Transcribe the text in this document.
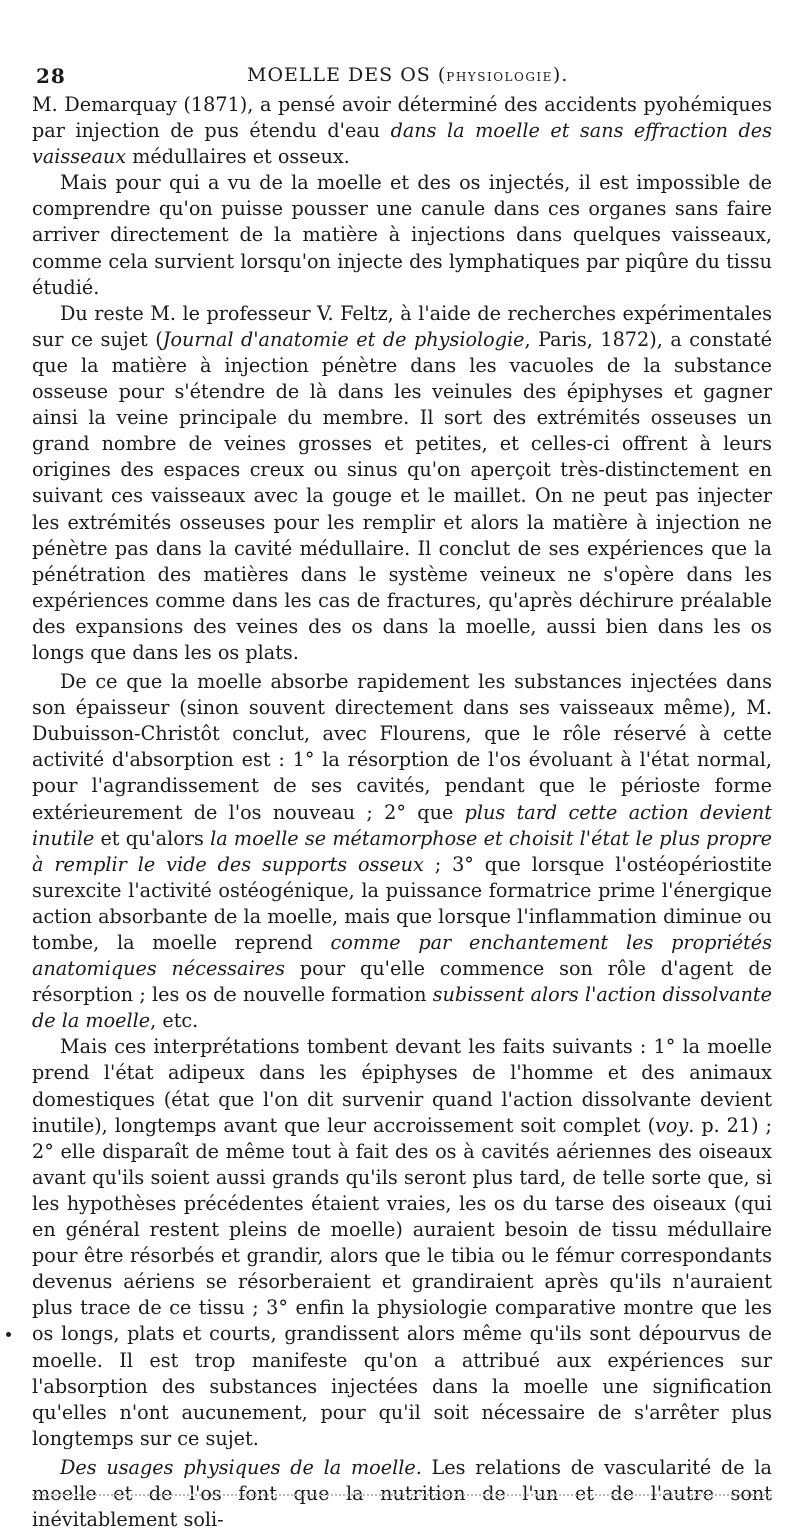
28	MOELLE DES OS (PHYSIOLOGIE).

M. Demarquay (1871), a pensé avoir déterminé des accidents pyohémiques par injection de pus étendu d'eau dans la moelle et sans effraction des vaisseaux médullaires et osseux.

Mais pour qui a vu de la moelle et des os injectés, il est impossible de comprendre qu'on puisse pousser une canule dans ces organes sans faire arriver directement de la matière à injections dans quelques vaisseaux, comme cela survient lorsqu'on injecte des lymphatiques par piqûre du tissu étudié.

Du reste M. le professeur V. Feltz, à l'aide de recherches expérimentales sur ce sujet (Journal d'anatomie et de physiologie, Paris, 1872), a constaté que la matière à injection pénètre dans les vacuoles de la substance osseuse pour s'étendre de là dans les veinules des épiphyses et gagner ainsi la veine principale du membre. Il sort des extrémités osseuses un grand nombre de veines grosses et petites, et celles-ci offrent à leurs origines des espaces creux ou sinus qu'on aperçoit très-distinctement en suivant ces vaisseaux avec la gouge et le maillet. On ne peut pas injecter les extrémités osseuses pour les remplir et alors la matière à injection ne pénètre pas dans la cavité médullaire. Il conclut de ses expériences que la pénétration des matières dans le système veineux ne s'opère dans les expériences comme dans les cas de fractures, qu'après déchirure préalable des expansions des veines des os dans la moelle, aussi bien dans les os longs que dans les os plats.

De ce que la moelle absorbe rapidement les substances injectées dans son épaisseur (sinon souvent directement dans ses vaisseaux même), M. Dubuisson-Christôt conclut, avec Flourens, que le rôle réservé à cette activité d'absorption est : 1° la résorption de l'os évoluant à l'état normal, pour l'agrandissement de ses cavités, pendant que le périoste forme extérieurement de l'os nouveau ; 2° que plus tard cette action devient inutile et qu'alors la moelle se métamorphose et choisit l'état le plus propre à remplir le vide des supports osseux ; 3° que lorsque l'ostéopériostite surexcite l'activité ostéogénique, la puissance formatrice prime l'énergique action absorbante de la moelle, mais que lorsque l'inflammation diminue ou tombe, la moelle reprend comme par enchantement les propriétés anatomiques nécessaires pour qu'elle commence son rôle d'agent de résorption ; les os de nouvelle formation subissent alors l'action dissolvante de la moelle, etc.

Mais ces interprétations tombent devant les faits suivants : 1° la moelle prend l'état adipeux dans les épiphyses de l'homme et des animaux domestiques (état que l'on dit survenir quand l'action dissolvante devient inutile), longtemps avant que leur accroissement soit complet (voy. p. 21) ; 2° elle disparaît de même tout à fait des os à cavités aériennes des oiseaux avant qu'ils soient aussi grands qu'ils seront plus tard, de telle sorte que, si les hypothèses précédentes étaient vraies, les os du tarse des oiseaux (qui en général restent pleins de moelle) auraient besoin de tissu médullaire pour être résorbés et grandir, alors que le tibia ou le fémur correspondants devenus aériens se résorberaient et grandiraient après qu'ils n'auraient plus trace de ce tissu ; 3° enfin la physiologie comparative montre que les os longs, plats et courts, grandissent alors même qu'ils sont dépourvus de moelle. Il est trop manifeste qu'on a attribué aux expériences sur l'absorption des substances injectées dans la moelle une signification qu'elles n'ont aucunement, pour qu'il soit nécessaire de s'arrêter plus longtemps sur ce sujet.

Des usages physiques de la moelle. Les relations de vascularité de la moelle et de l'os font que la nutrition de l'un et de l'autre sont inévitablement soli-
